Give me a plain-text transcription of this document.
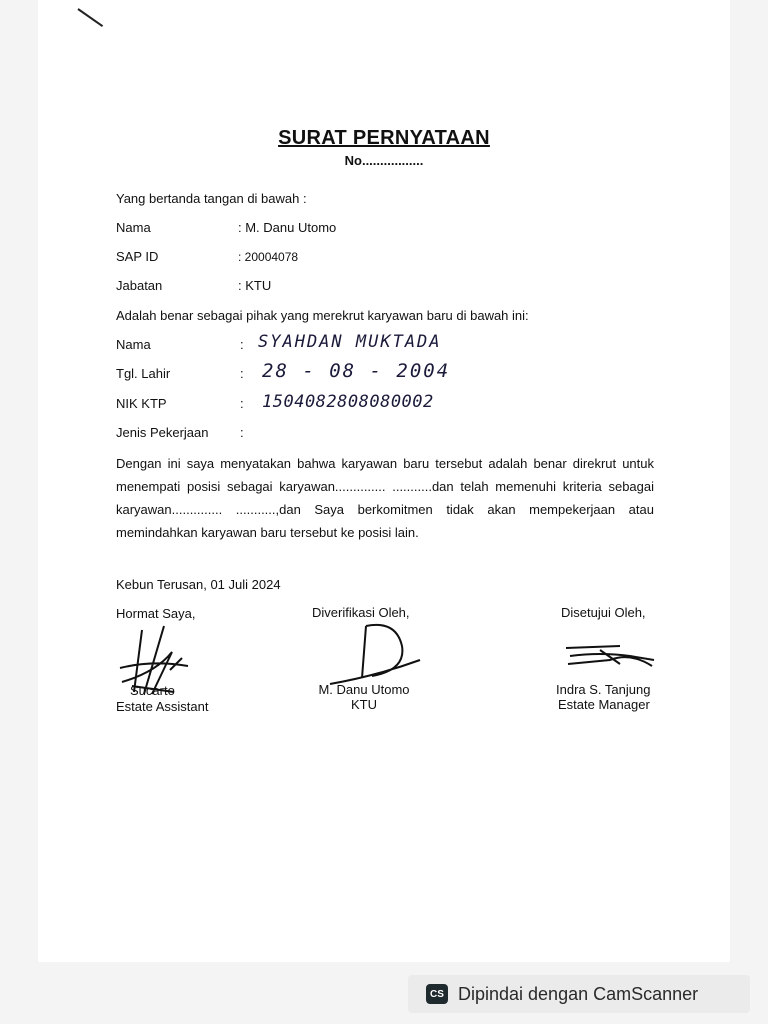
SURAT PERNYATAAN
No.................
Yang bertanda tangan di bawah :
Nama	: M. Danu Utomo
SAP ID	: 20004078
Jabatan	: KTU
Adalah benar sebagai pihak yang merekrut karyawan baru di bawah ini:
Nama	: SYAHDAN MUKTADA
Tgl. Lahir	: 28 - 08 - 2004
NIK KTP	: 1504082808080002
Jenis Pekerjaan :
Dengan ini saya menyatakan bahwa karyawan baru tersebut adalah benar direkrut untuk menempati posisi sebagai karyawan.............. ...........dan telah memenuhi kriteria sebagai karyawan.............. ...........,dan Saya berkomitmen tidak akan mempekerjaan atau memindahkan karyawan baru tersebut ke posisi lain.
Kebun Terusan, 01 Juli 2024
Hormat Saya,	Diverifikasi Oleh,	Disetujui Oleh,
Sucarto
Estate Assistant
M. Danu Utomo
KTU
Indra S. Tanjung
Estate Manager
CS Dipindai dengan CamScanner
